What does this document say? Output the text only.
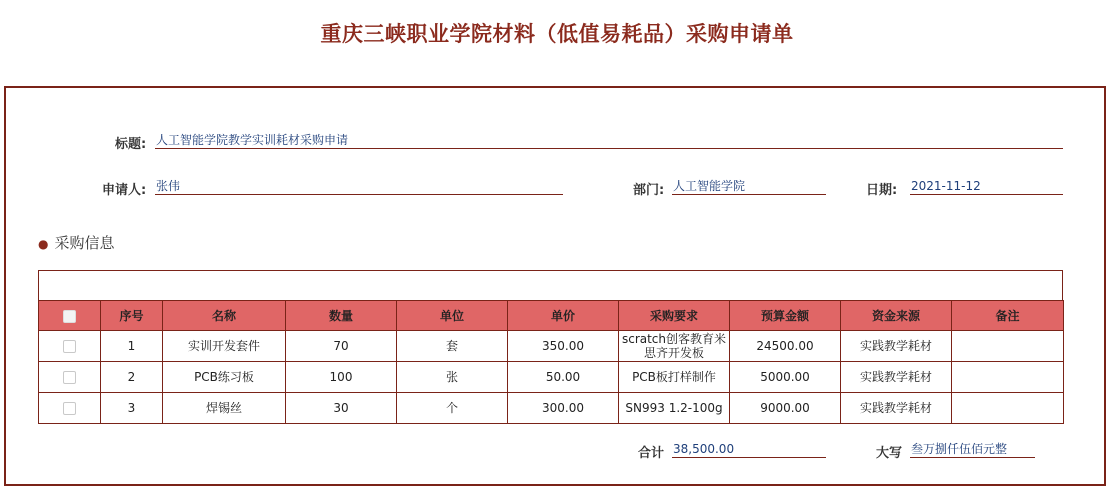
重庆三峡职业学院材料（低值易耗品）采购申请单
标题: 人工智能学院教学实训耗材采购申请
申请人: 张伟	部门: 人工智能学院	日期: 2021-11-12
● 采购信息
	序号	名称	数量	单位	单价	采购要求	预算金额	资金来源	备注
	1	实训开发套件	70	套	350.00	scratch创客教育米思齐开发板	24500.00	实践教学耗材	
	2	PCB练习板	100	张	50.00	PCB板打样制作	5000.00	实践教学耗材	
	3	焊锡丝	30	个	300.00	SN993 1.2-100g	9000.00	实践教学耗材	
合计 38,500.00	大写 叁万捌仟伍佰元整
